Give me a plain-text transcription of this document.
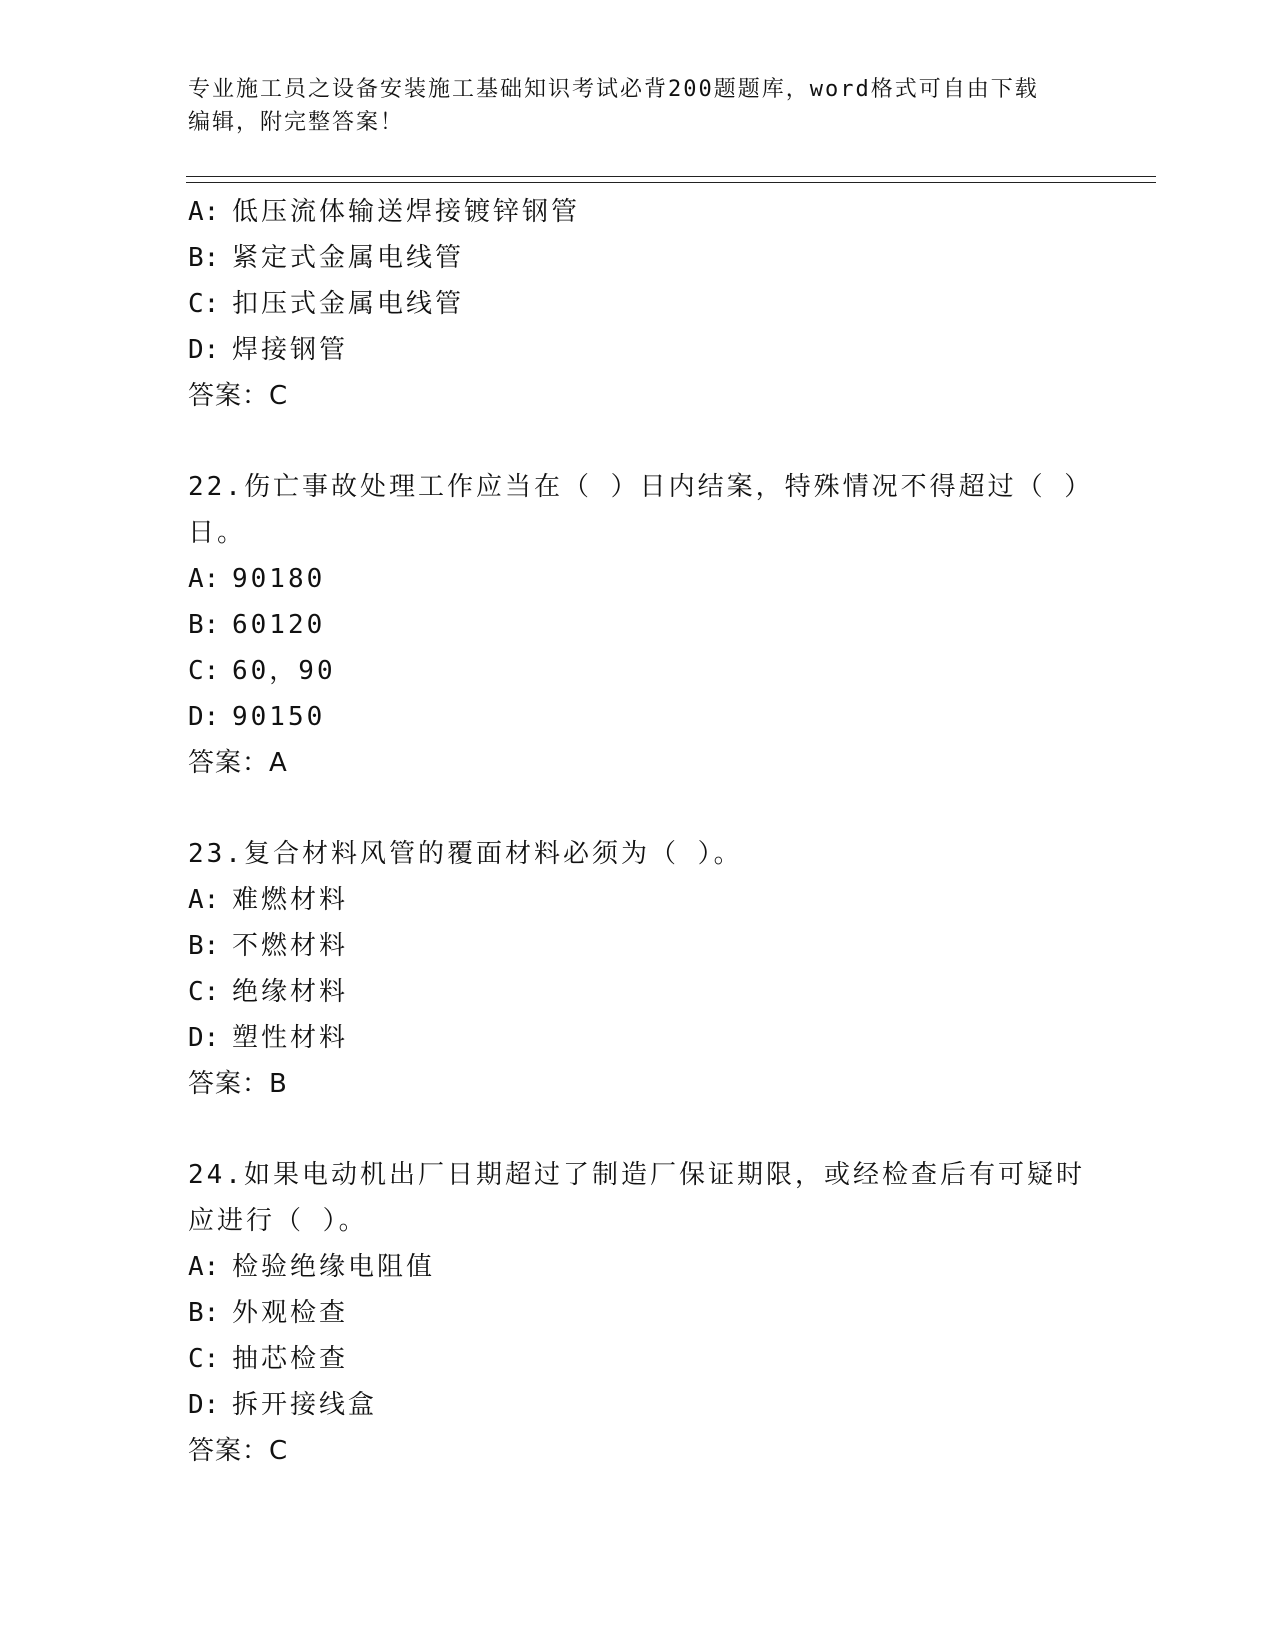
专业施工员之设备安装施工基础知识考试必背200题题库，word格式可自由下载
编辑，附完整答案！
A: 低压流体输送焊接镀锌钢管
B: 紧定式金属电线管
C: 扣压式金属电线管
D: 焊接钢管
答案：C
22.伤亡事故处理工作应当在（ ）日内结案，特殊情况不得超过（ ）
日。
A: 90180
B: 60120
C: 60，90
D: 90150
答案：A
23.复合材料风管的覆面材料必须为（ ）。
A: 难燃材料
B: 不燃材料
C: 绝缘材料
D: 塑性材料
答案：B
24.如果电动机出厂日期超过了制造厂保证期限，或经检查后有可疑时
应进行（ ）。
A: 检验绝缘电阻值
B: 外观检查
C: 抽芯检查
D: 拆开接线盒
答案：C
